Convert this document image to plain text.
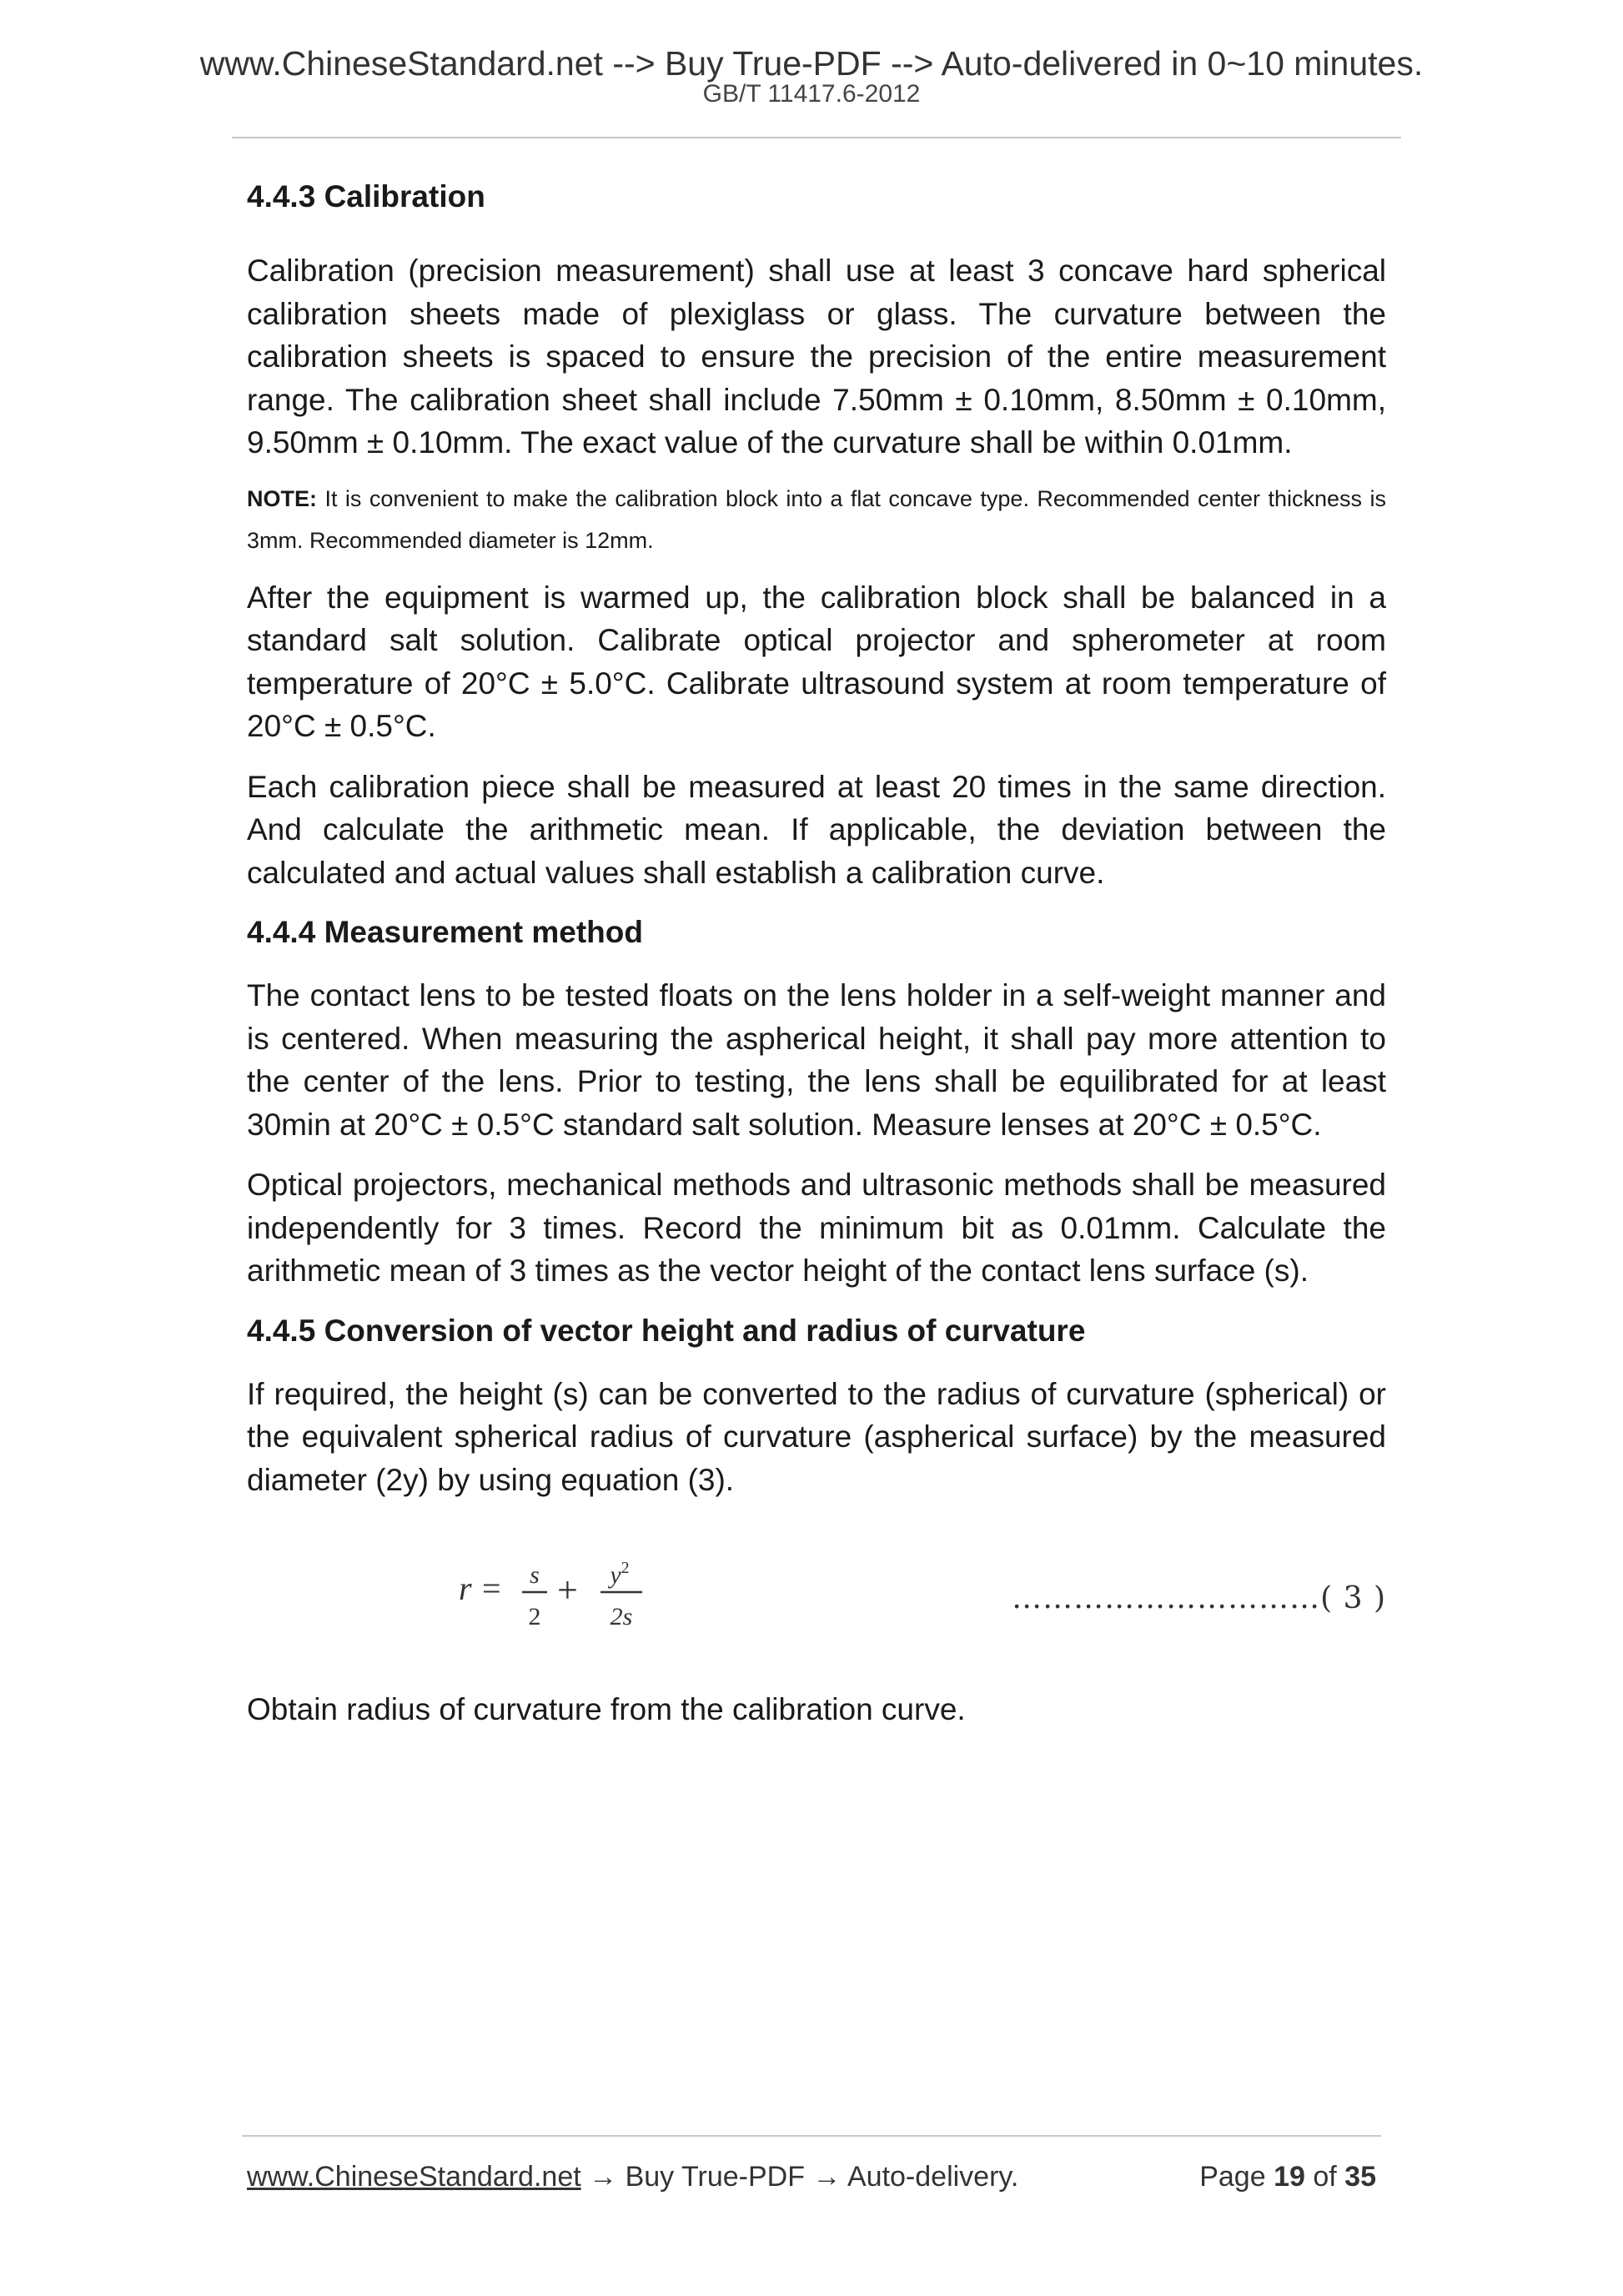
www.ChineseStandard.net --> Buy True-PDF --> Auto-delivered in 0~10 minutes.
GB/T 11417.6-2012
4.4.3 Calibration

Calibration (precision measurement) shall use at least 3 concave hard spherical calibration sheets made of plexiglass or glass. The curvature between the calibration sheets is spaced to ensure the precision of the entire measurement range. The calibration sheet shall include 7.50mm ± 0.10mm, 8.50mm ± 0.10mm, 9.50mm ± 0.10mm. The exact value of the curvature shall be within 0.01mm.

NOTE: It is convenient to make the calibration block into a flat concave type. Recommended center thickness is 3mm. Recommended diameter is 12mm.

After the equipment is warmed up, the calibration block shall be balanced in a standard salt solution. Calibrate optical projector and spherometer at room temperature of 20°C ± 5.0°C. Calibrate ultrasound system at room temperature of 20°C ± 0.5°C.

Each calibration piece shall be measured at least 20 times in the same direction. And calculate the arithmetic mean. If applicable, the deviation between the calculated and actual values shall establish a calibration curve.

4.4.4 Measurement method

The contact lens to be tested floats on the lens holder in a self-weight manner and is centered. When measuring the aspherical height, it shall pay more attention to the center of the lens. Prior to testing, the lens shall be equilibrated for at least 30min at 20°C ± 0.5°C standard salt solution. Measure lenses at 20°C ± 0.5°C.

Optical projectors, mechanical methods and ultrasonic methods shall be measured independently for 3 times. Record the minimum bit as 0.01mm. Calculate the arithmetic mean of 3 times as the vector height of the contact lens surface (s).

4.4.5 Conversion of vector height and radius of curvature

If required, the height (s) can be converted to the radius of curvature (spherical) or the equivalent spherical radius of curvature (aspherical surface) by the measured diameter (2y) by using equation (3).

r = s
2
+ $y^2$
2s
…………………………( 3 )

Obtain radius of curvature from the calibration curve.

www.ChineseStandard.net → Buy True-PDF → Auto-delivery.	Page 19 of 35
